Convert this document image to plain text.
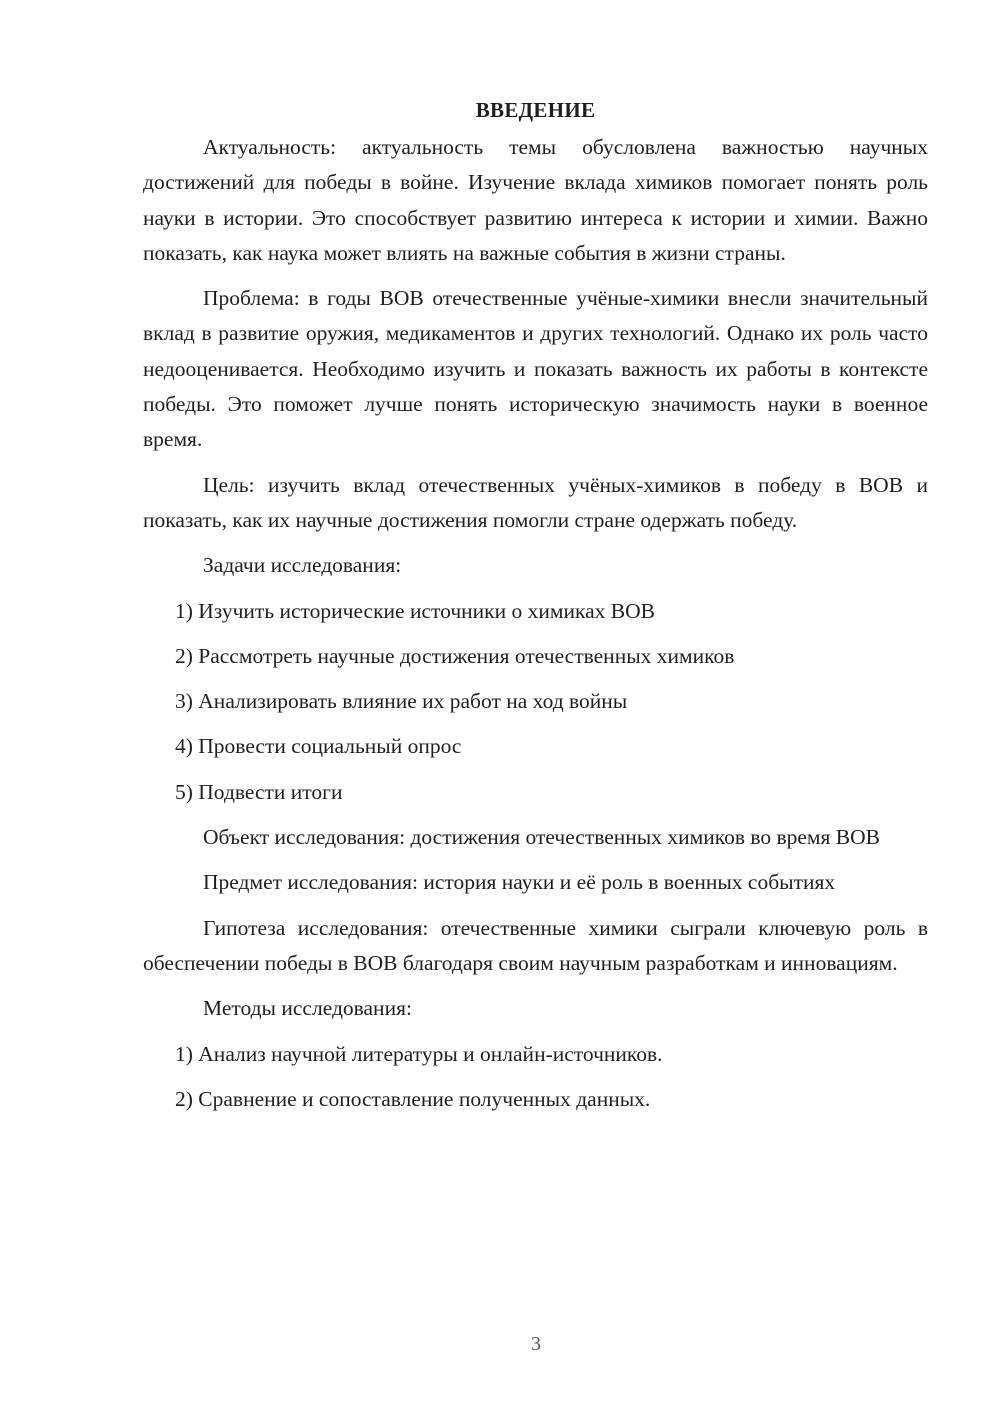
ВВЕДЕНИЕ

Актуальность: актуальность темы обусловлена важностью научных достижений для победы в войне. Изучение вклада химиков помогает понять роль науки в истории. Это способствует развитию интереса к истории и химии. Важно показать, как наука может влиять на важные события в жизни страны.

Проблема: в годы ВОВ отечественные учёные-химики внесли значительный вклад в развитие оружия, медикаментов и других технологий. Однако их роль часто недооценивается. Необходимо изучить и показать важность их работы в контексте победы. Это поможет лучше понять историческую значимость науки в военное время.

Цель: изучить вклад отечественных учёных-химиков в победу в ВОВ и показать, как их научные достижения помогли стране одержать победу.

Задачи исследования:
1) Изучить исторические источники о химиках ВОВ
2) Рассмотреть научные достижения отечественных химиков
3) Анализировать влияние их работ на ход войны
4) Провести социальный опрос
5) Подвести итоги

Объект исследования: достижения отечественных химиков во время ВОВ

Предмет исследования: история науки и её роль в военных событиях

Гипотеза исследования: отечественные химики сыграли ключевую роль в обеспечении победы в ВОВ благодаря своим научным разработкам и инновациям.

Методы исследования:
1) Анализ научной литературы и онлайн-источников.
2) Сравнение и сопоставление полученных данных.
3
